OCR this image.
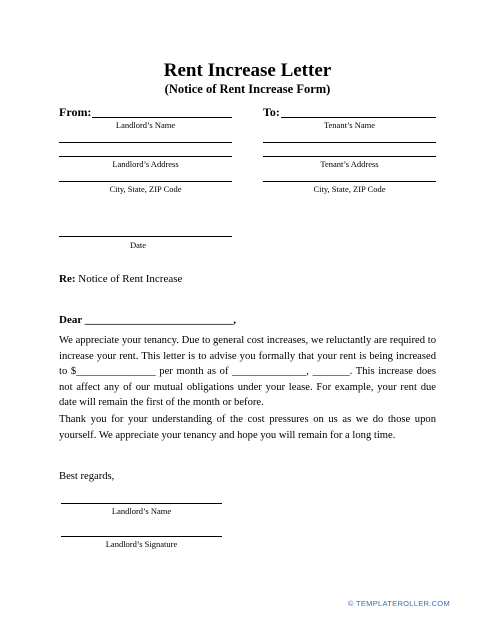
Rent Increase Letter
(Notice of Rent Increase Form)
From:	To:
Landlord’s Name	Tenant’s Name
Landlord’s Address	Tenant’s Address
City, State, ZIP Code	City, State, ZIP Code
Date
Re: Notice of Rent Increase
Dear ___________________________,
We appreciate your tenancy. Due to general cost increases, we reluctantly are required to increase your rent. This letter is to advise you formally that your rent is being increased to $_______________ per month as of ______________, _______. This increase does not affect any of our mutual obligations under your lease. For example, your rent due date will remain the first of the month or before.
Thank you for your understanding of the cost pressures on us as we do those upon yourself. We appreciate your tenancy and hope you will remain for a long time.
Best regards,
Landlord’s Name
Landlord’s Signature
© TEMPLATEROLLER.COM
